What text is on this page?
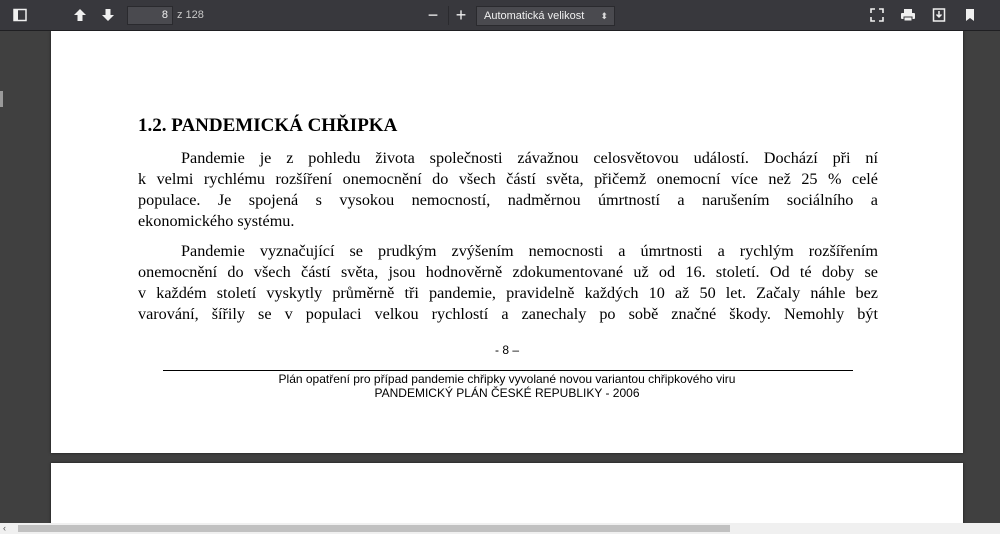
8 z 128	− +	Automatická velikost ⬍
1.2. PANDEMICKÁ CHŘIPKA
Pandemie je z pohledu života společnosti závažnou celosvětovou událostí. Dochází při ní
k velmi rychlému rozšíření onemocnění do všech částí světa, přičemž onemocní více než 25 % celé
populace. Je spojená s vysokou nemocností, nadměrnou úmrtností a narušením sociálního a
ekonomického systému.
Pandemie vyznačující se prudkým zvýšením nemocnosti a úmrtnosti a rychlým rozšířením
onemocnění do všech částí světa, jsou hodnověrně zdokumentované už od 16. století. Od té doby se
v každém století vyskytly průměrně tři pandemie, pravidelně každých 10 až 50 let. Začaly náhle bez
varování, šířily se v populaci velkou rychlostí a zanechaly po sobě značné škody. Nemohly být
- 8 –
Plán opatření pro případ pandemie chřipky vyvolané novou variantou chřipkového viru
PANDEMICKÝ PLÁN ČESKÉ REPUBLIKY - 2006
‹
